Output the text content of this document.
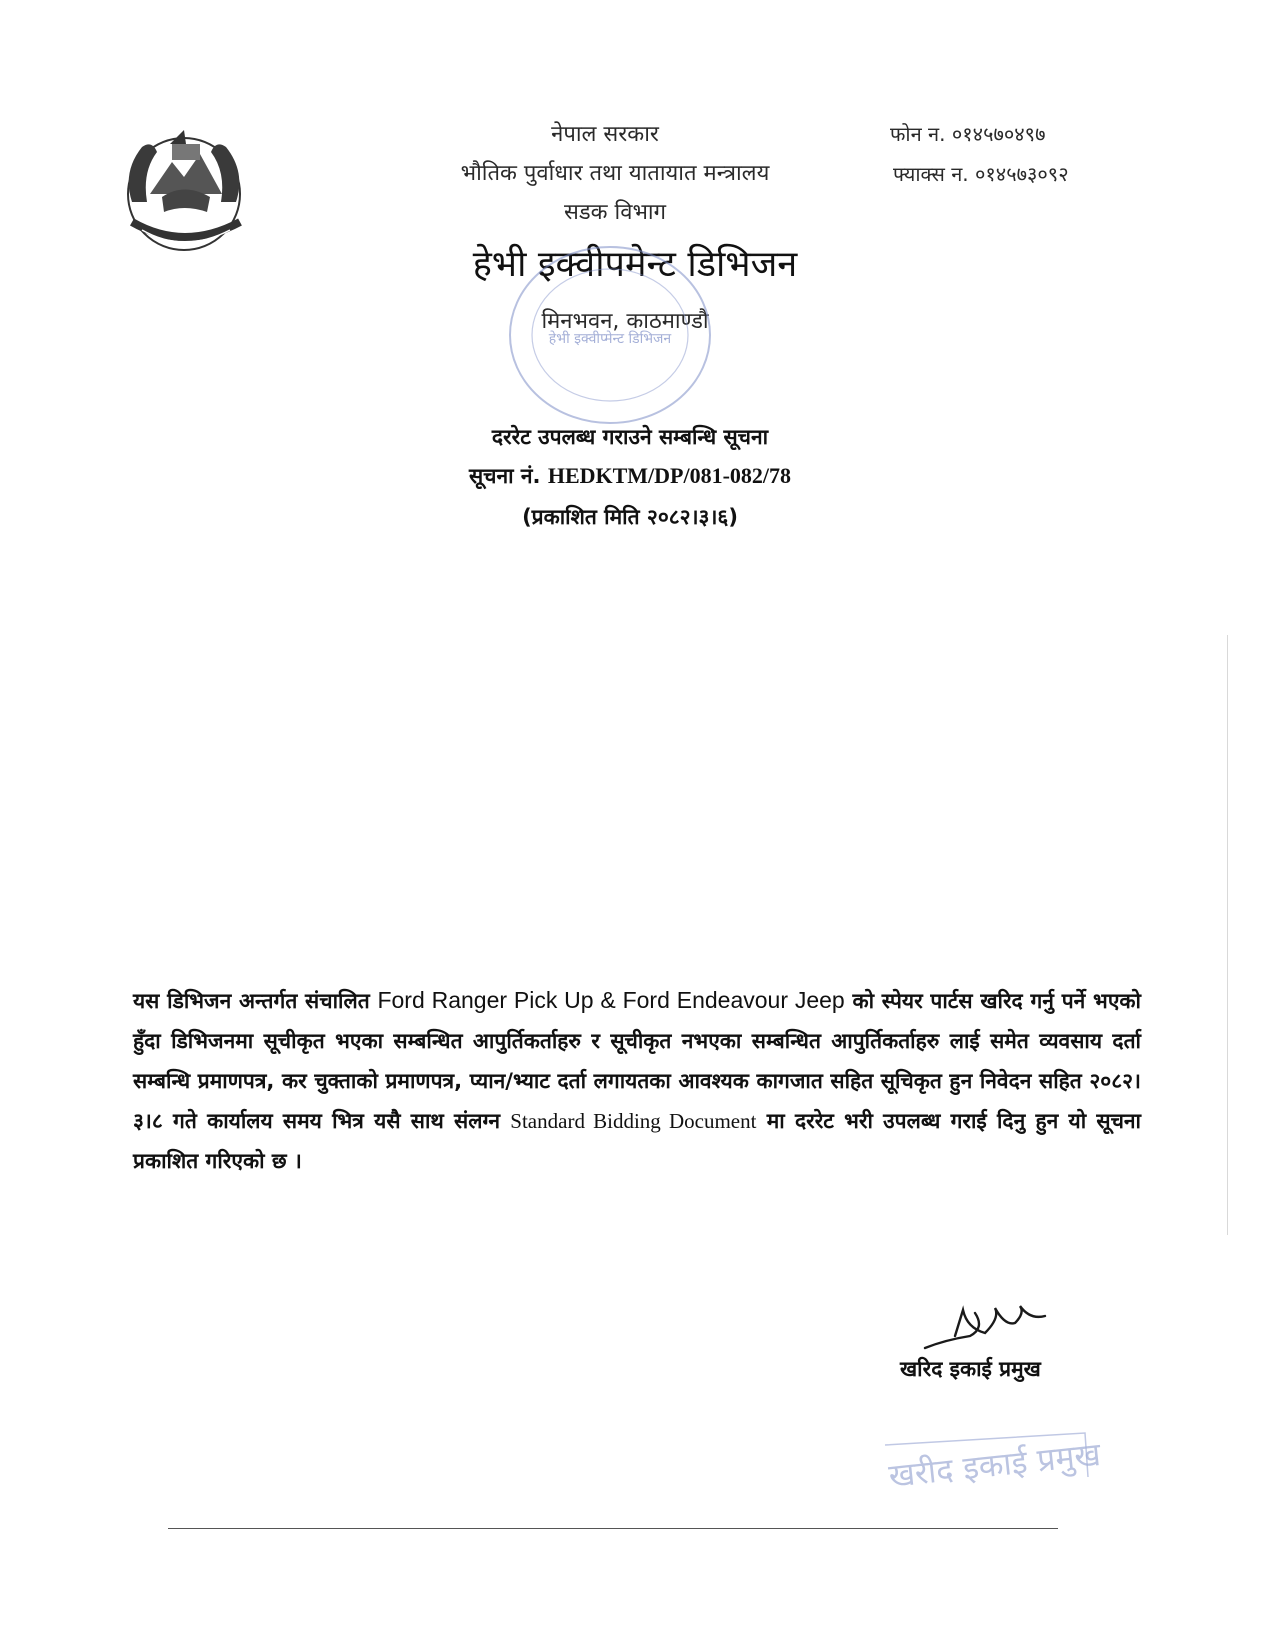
नेपाल सरकार
भौतिक पुर्वाधार तथा यातायात मन्त्रालय
सडक विभाग
हेभी इक्वीपमेन्ट डिभिजन
मिनभवन, काठमाण्डौ
फोन न. ०१४५७०४९७
फ्याक्स न. ०१४५७३०९२
हेभी इक्वीप्मेन्ट डिभिजन
दररेट उपलब्ध गराउने सम्बन्धि सूचना
सूचना नं. HEDKTM/DP/081-082/78
(प्रकाशित मिति २०८२।३।६)
यस डिभिजन अन्तर्गत संचालित Ford Ranger Pick Up & Ford Endeavour Jeep को स्पेयर पार्टस खरिद गर्नु पर्ने भएको हुँदा डिभिजनमा सूचीकृत भएका सम्बन्धित आपुर्तिकर्ताहरु र सूचीकृत नभएका सम्बन्धित आपुर्तिकर्ताहरु लाई समेत व्यवसाय दर्ता सम्बन्धि प्रमाणपत्र, कर चुक्ताको प्रमाणपत्र, प्यान/भ्याट दर्ता लगायतका आवश्यक कागजात सहित सूचिकृत हुन निवेदन सहित २०८२।३।८ गते कार्यालय समय भित्र यसै साथ संलग्न Standard Bidding Document मा दररेट भरी उपलब्ध गराई दिनु हुन यो सूचना प्रकाशित गरिएको छ ।
खरिद इकाई प्रमुख
खरीद इकाई प्रमुख
